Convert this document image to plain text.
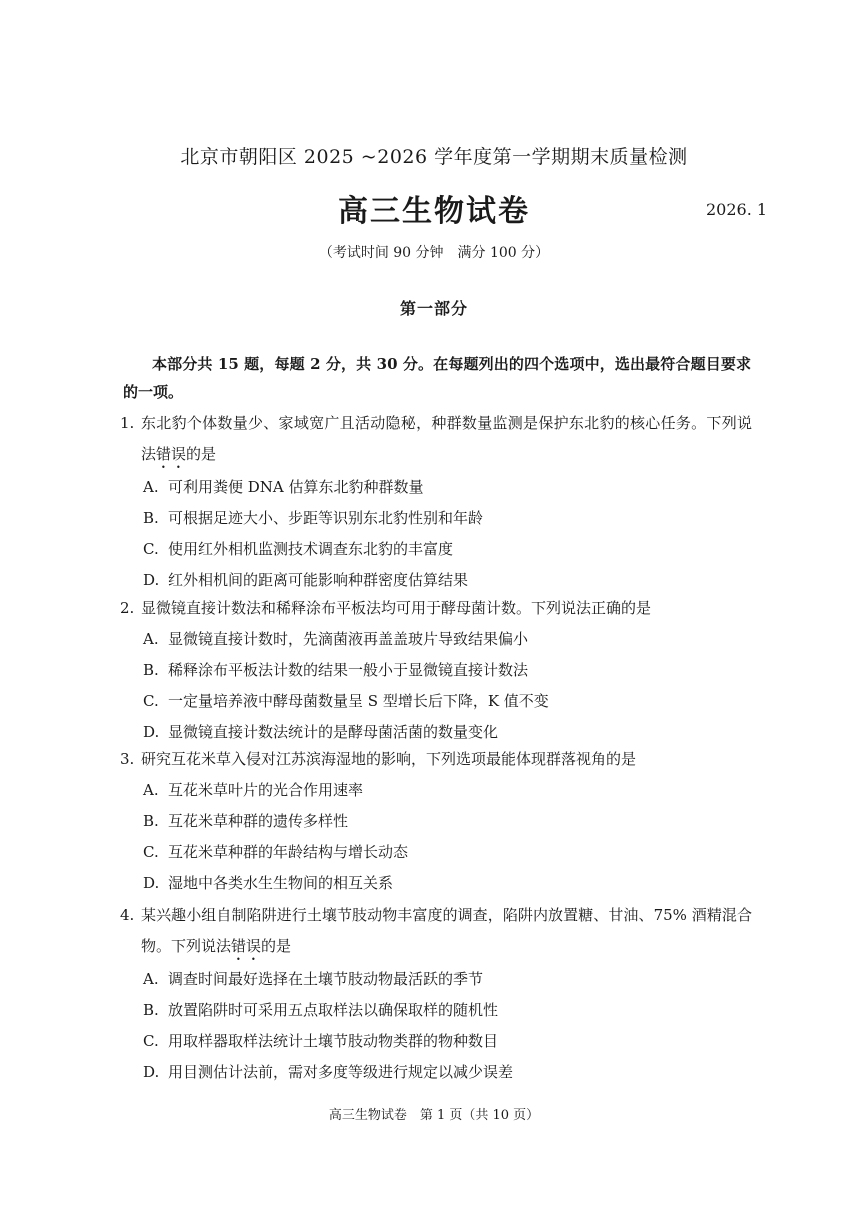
北京市朝阳区 2025 ~2026 学年度第一学期期末质量检测
高三生物试卷	2026. 1
（考试时间 90 分钟　满分 100 分）
第一部分
本部分共 15 题，每题 2 分，共 30 分。在每题列出的四个选项中，选出最符合题目要求的一项。
1. 东北豹个体数量少、家域宽广且活动隐秘，种群数量监测是保护东北豹的核心任务。下列说法错误的是
A. 可利用粪便 DNA 估算东北豹种群数量
B. 可根据足迹大小、步距等识别东北豹性别和年龄
C. 使用红外相机监测技术调查东北豹的丰富度
D. 红外相机间的距离可能影响种群密度估算结果
2. 显微镜直接计数法和稀释涂布平板法均可用于酵母菌计数。下列说法正确的是
A. 显微镜直接计数时，先滴菌液再盖盖玻片导致结果偏小
B. 稀释涂布平板法计数的结果一般小于显微镜直接计数法
C. 一定量培养液中酵母菌数量呈 S 型增长后下降，K 值不变
D. 显微镜直接计数法统计的是酵母菌活菌的数量变化
3. 研究互花米草入侵对江苏滨海湿地的影响，下列选项最能体现群落视角的是
A. 互花米草叶片的光合作用速率
B. 互花米草种群的遗传多样性
C. 互花米草种群的年龄结构与增长动态
D. 湿地中各类水生生物间的相互关系
4. 某兴趣小组自制陷阱进行土壤节肢动物丰富度的调查，陷阱内放置糖、甘油、75% 酒精混合物。下列说法错误的是
A. 调查时间最好选择在土壤节肢动物最活跃的季节
B. 放置陷阱时可采用五点取样法以确保取样的随机性
C. 用取样器取样法统计土壤节肢动物类群的物种数目
D. 用目测估计法前，需对多度等级进行规定以减少误差
高三生物试卷　第 1 页（共 10 页）
